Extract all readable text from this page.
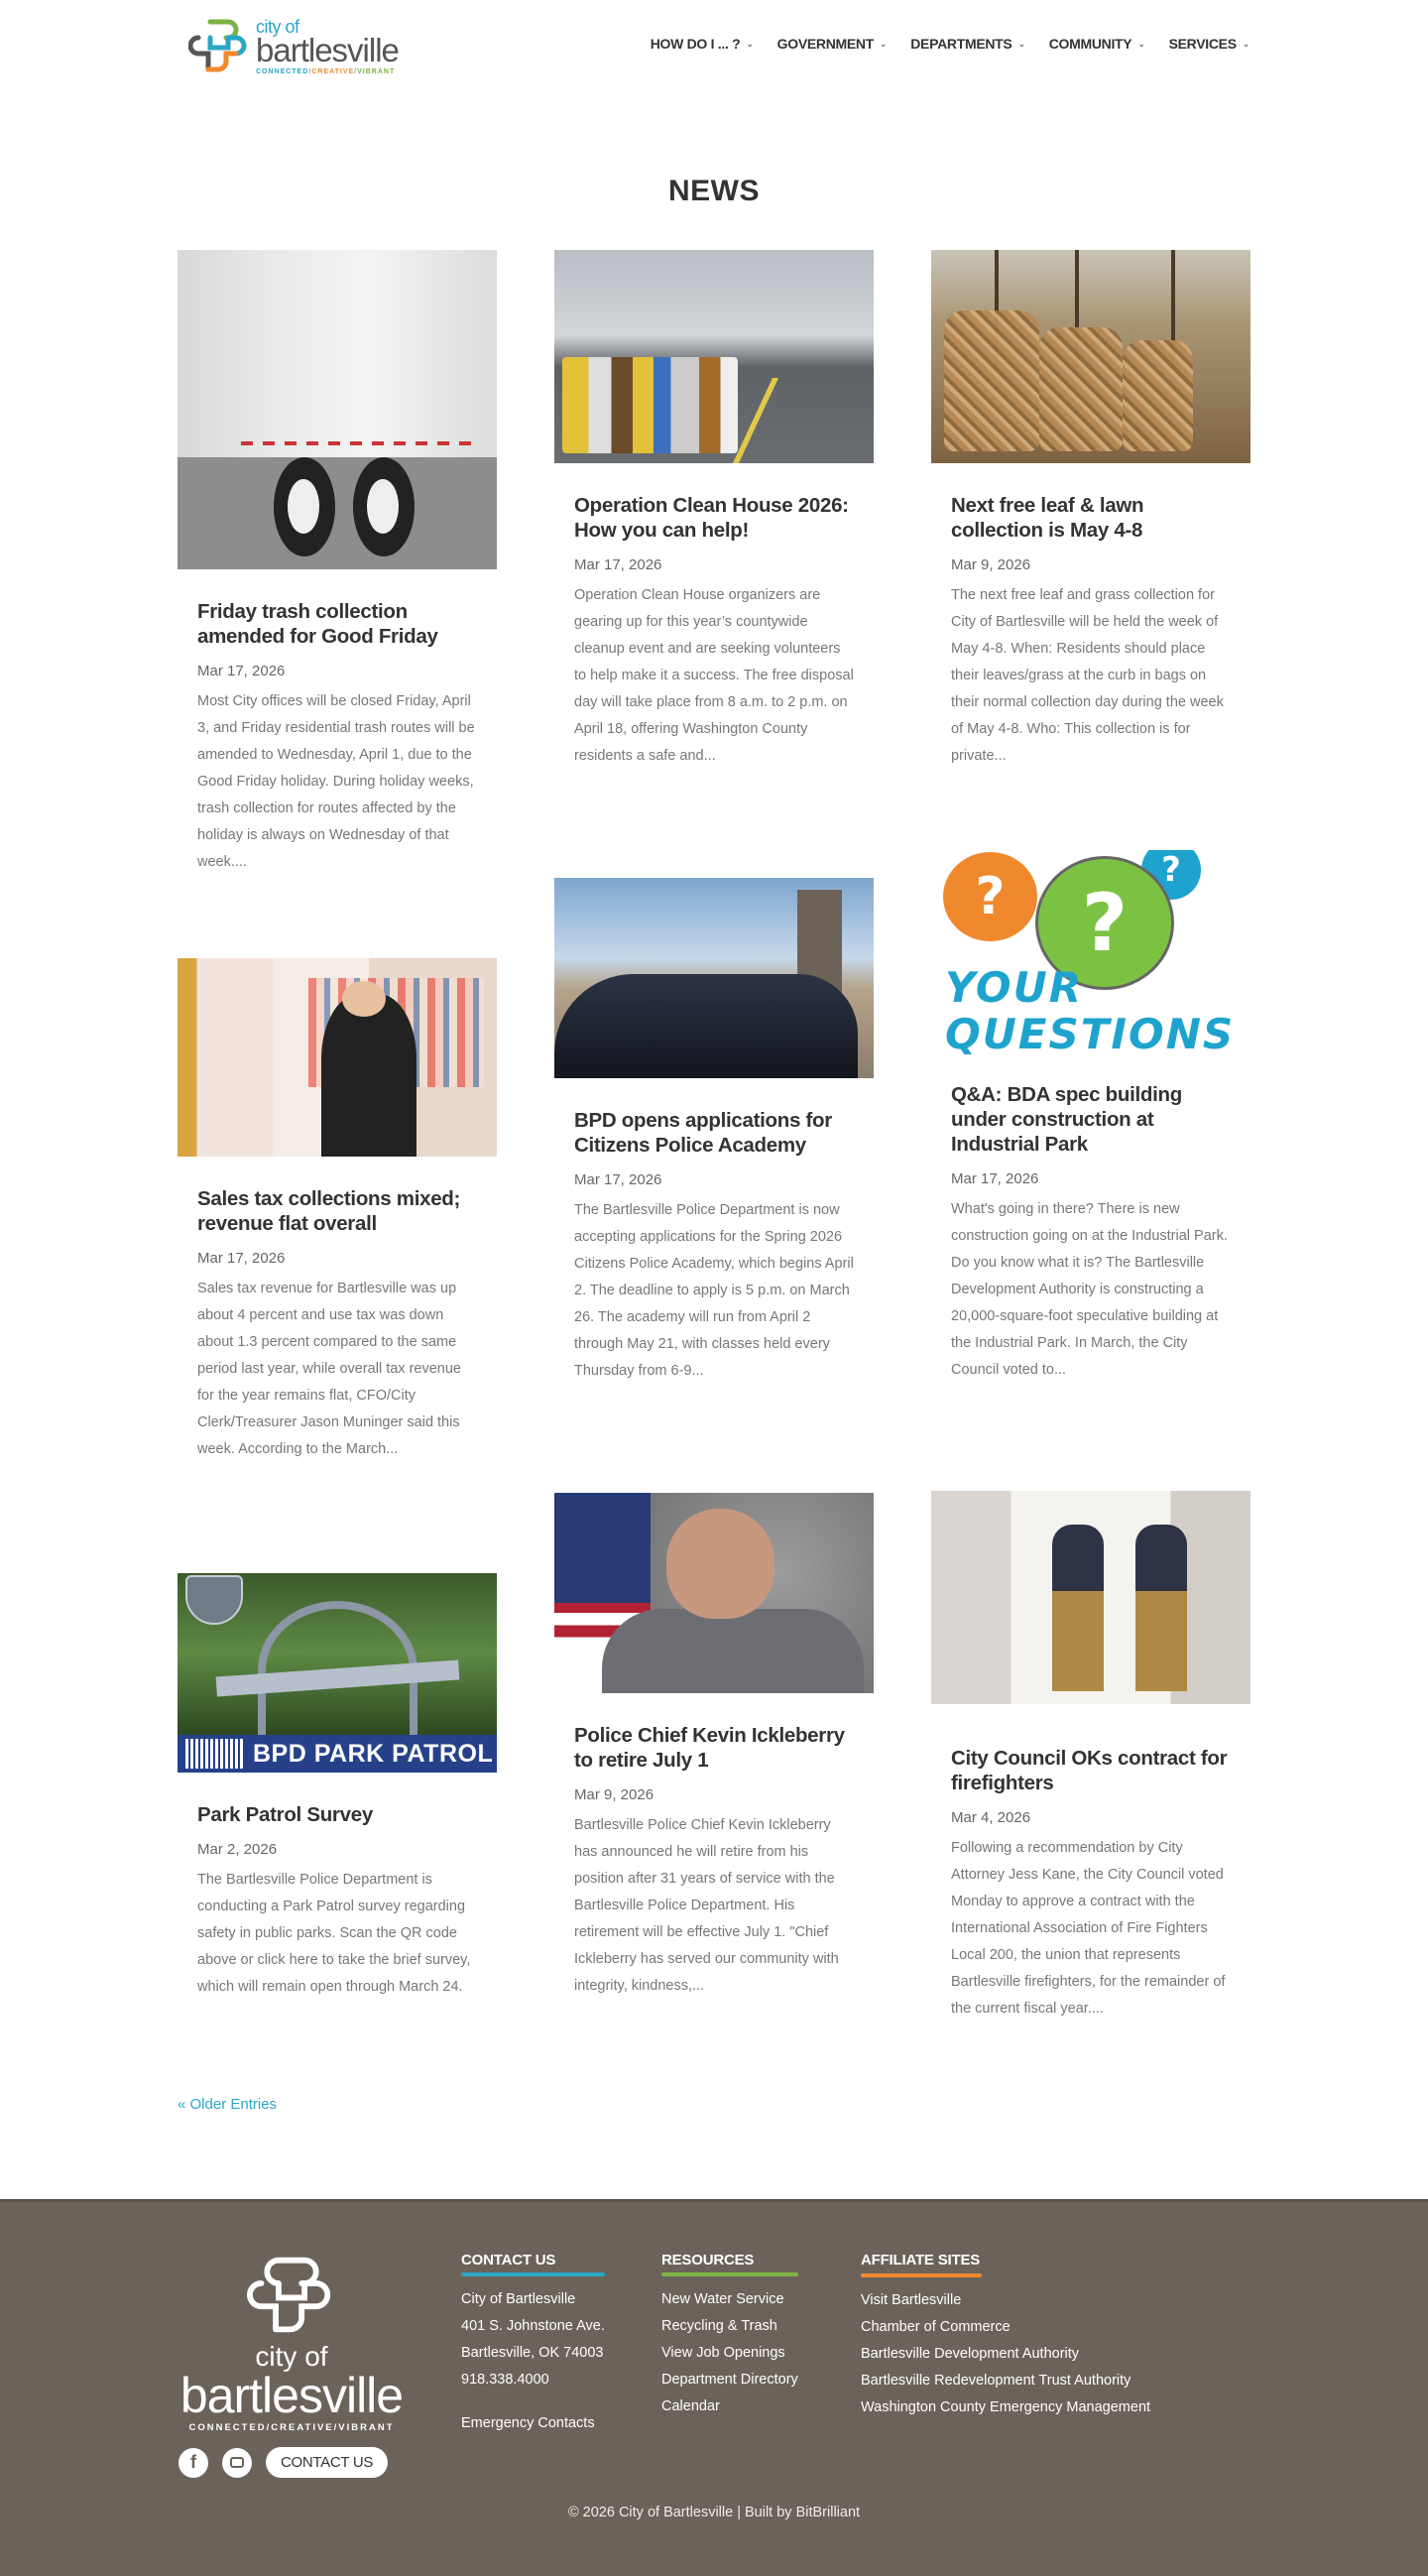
city of
bartlesville
CONNECTED/CREATIVE/VIBRANT
HOW DO I ... ? ⌄ GOVERNMENT ⌄ DEPARTMENTS ⌄ COMMUNITY ⌄ SERVICES ⌄
NEWS
Friday trash collection amended for Good Friday
Mar 17, 2026

Most City offices will be closed Friday, April 3, and Friday residential trash routes will be amended to Wednesday, April 1, due to the Good Friday holiday. During holiday weeks, trash collection for routes affected by the holiday is always on Wednesday of that week....

Sales tax collections mixed; revenue flat overall
Mar 17, 2026

Sales tax revenue for Bartlesville was up about 4 percent and use tax was down about 1.3 percent compared to the same period last year, while overall tax revenue for the year remains flat, CFO/City Clerk/Treasurer Jason Muninger said this week. According to the March...

BPD PARK PATROL
Park Patrol Survey
Mar 2, 2026

The Bartlesville Police Department is conducting a Park Patrol survey regarding safety in public parks. Scan the QR code above or click here to take the brief survey, which will remain open through March 24.

Operation Clean House 2026: How you can help!
Mar 17, 2026

Operation Clean House organizers are gearing up for this year’s countywide cleanup event and are seeking volunteers to help make it a success. The free disposal day will take place from 8 a.m. to 2 p.m. on April 18, offering Washington County residents a safe and...

BPD opens applications for Citizens Police Academy
Mar 17, 2026

The Bartlesville Police Department is now accepting applications for the Spring 2026 Citizens Police Academy, which begins April 2. The deadline to apply is 5 p.m. on March 26. The academy will run from April 2 through May 21, with classes held every Thursday from 6-9...

Police Chief Kevin Ickleberry to retire July 1
Mar 9, 2026

Bartlesville Police Chief Kevin Ickleberry has announced he will retire from his position after 31 years of service with the Bartlesville Police Department. His retirement will be effective July 1. "Chief Ickleberry has served our community with integrity, kindness,...

Next free leaf & lawn collection is May 4-8
Mar 9, 2026

The next free leaf and grass collection for City of Bartlesville will be held the week of May 4-8. When: Residents should place their leaves/grass at the curb in bags on their normal collection day during the week of May 4-8. Who: This collection is for private...

?	?
?
YOUR
QUESTIONS
Q&A: BDA spec building under construction at Industrial Park
Mar 17, 2026

What's going in there? There is new construction going on at the Industrial Park. Do you know what it is? The Bartlesville Development Authority is constructing a 20,000-square-foot speculative building at the Industrial Park. In March, the City Council voted to...

City Council OKs contract for firefighters
Mar 4, 2026

Following a recommendation by City Attorney Jess Kane, the City Council voted Monday to approve a contract with the International Association of Fire Fighters Local 200, the union that represents Bartlesville firefighters, for the remainder of the current fiscal year....

« Older Entries
city of
bartlesville
CONNECTED/CREATIVE/VIBRANT
f	CONTACT US
CONTACT US
City of Bartlesville
401 S. Johnstone Ave.
Bartlesville, OK 74003
918.338.4000
Emergency Contacts
RESOURCES
New Water Service
Recycling & Trash
View Job Openings
Department Directory
Calendar
AFFILIATE SITES
Visit Bartlesville
Chamber of Commerce
Bartlesville Development Authority
Bartlesville Redevelopment Trust Authority
Washington County Emergency Management
© 2026 City of Bartlesville | Built by BitBrilliant
